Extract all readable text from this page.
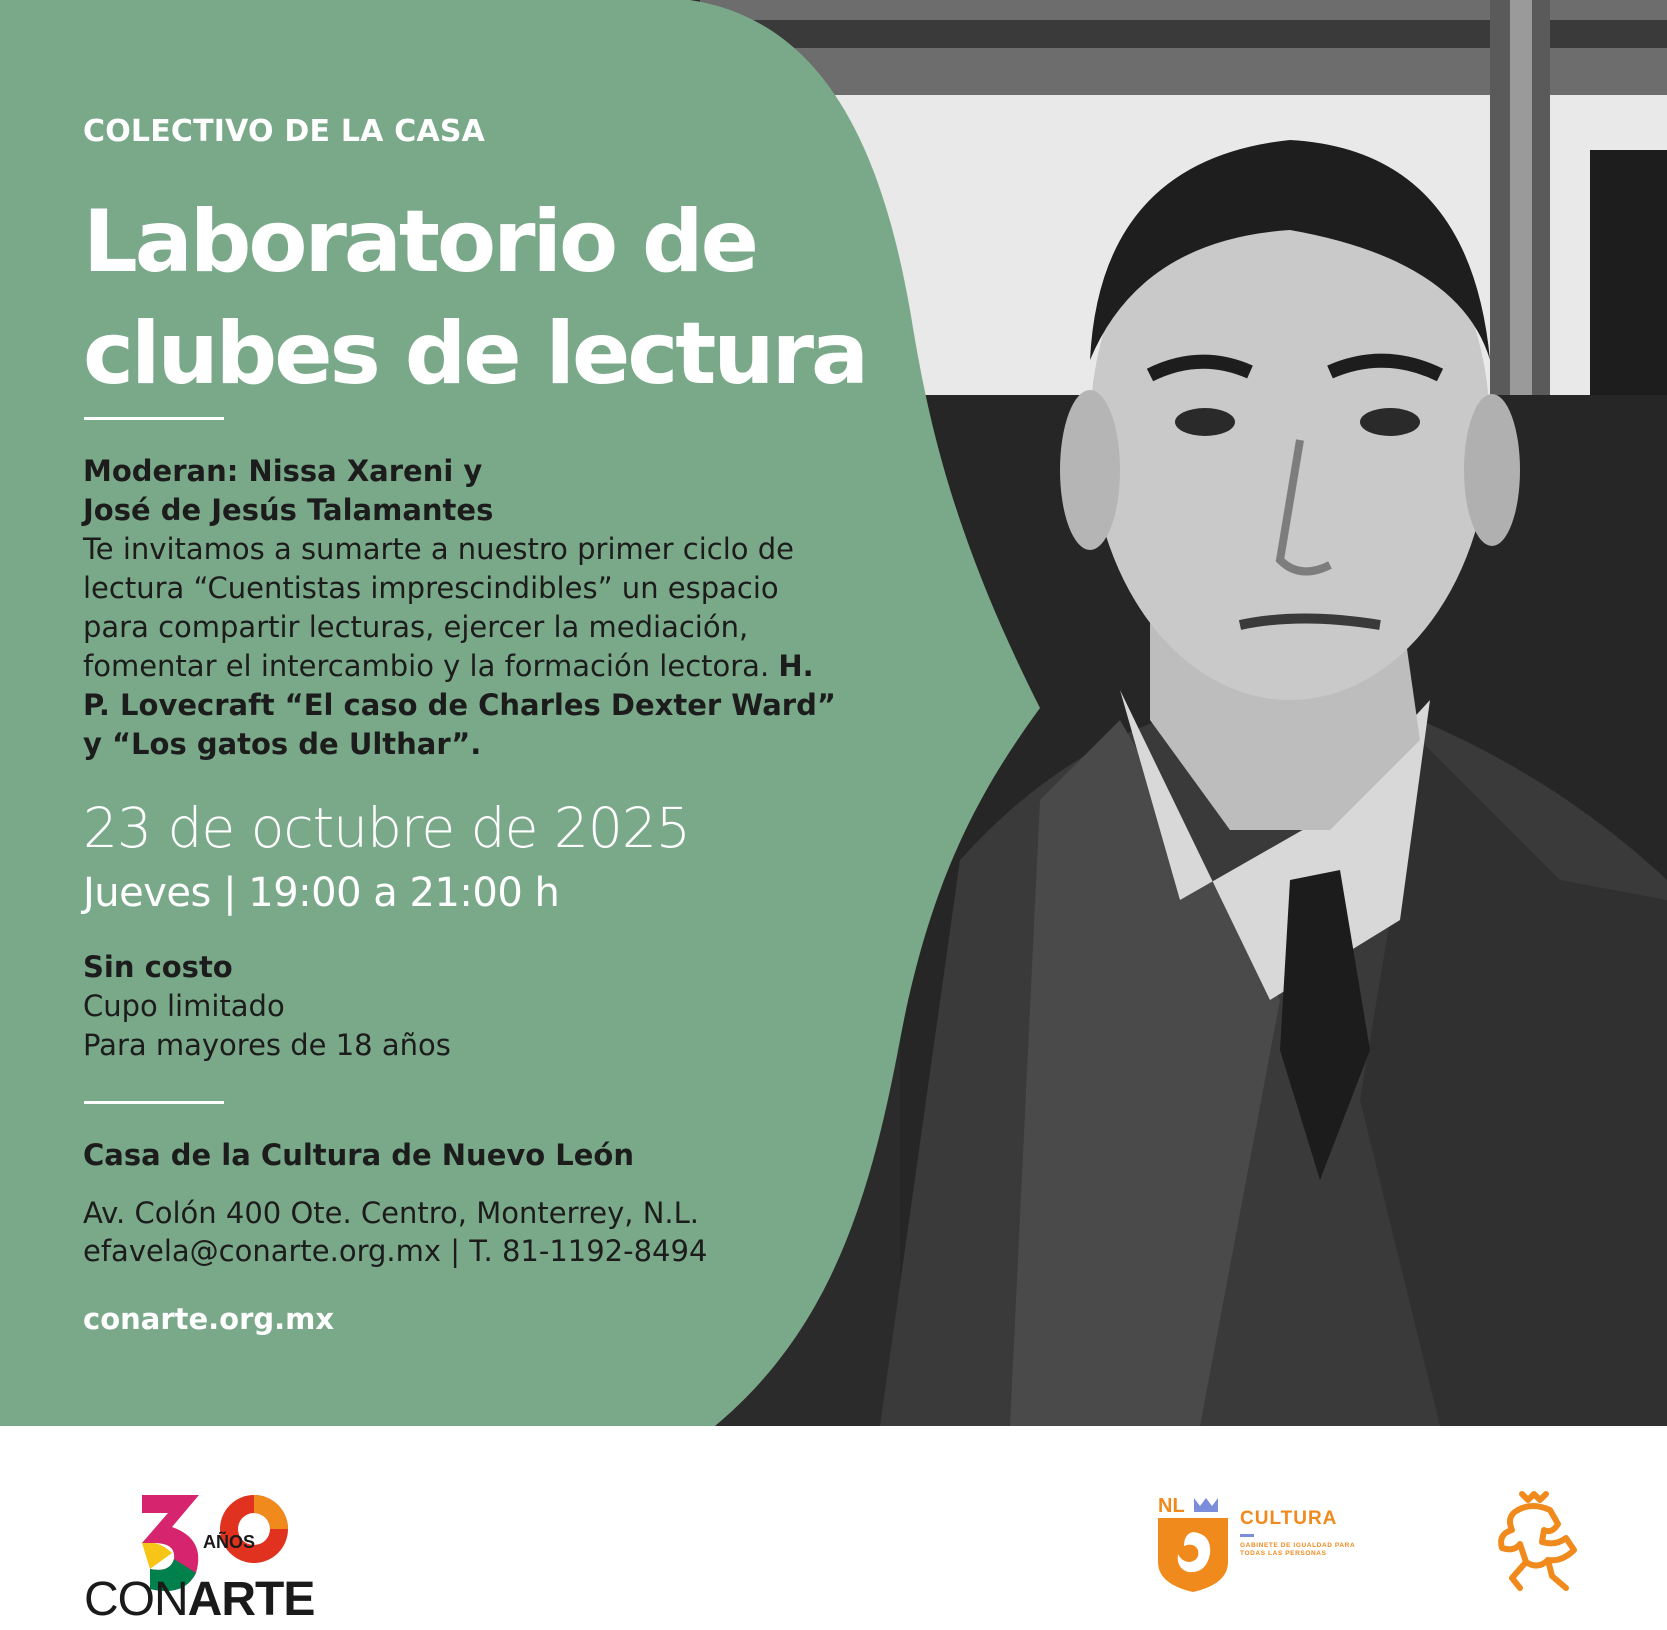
COLECTIVO DE LA CASA

Laboratorio de
clubes de lectura
Moderan: Nissa Xareni y
José de Jesús Talamantes
Te invitamos a sumarte a nuestro primer ciclo de lectura “Cuentistas imprescindibles” un espacio para compartir lecturas, ejercer la mediación, fomentar el intercambio y la formación lectora. H. P. Lovecraft “El caso de Charles Dexter Ward” y “Los gatos de Ulthar”.

23 de octubre de 2025

Jueves | 19:00 a 21:00 h

Sin costo
Cupo limitado
Para mayores de 18 años

Casa de la Cultura de Nuevo León

Av. Colón 400 Ote. Centro, Monterrey, N.L.
efavela@conarte.org.mx | T. 81-1192-8494

conarte.org.mx

AÑOS
CONARTE
NL
CULTURA
GABINETE DE IGUALDAD PARA TODAS LAS PERSONAS
